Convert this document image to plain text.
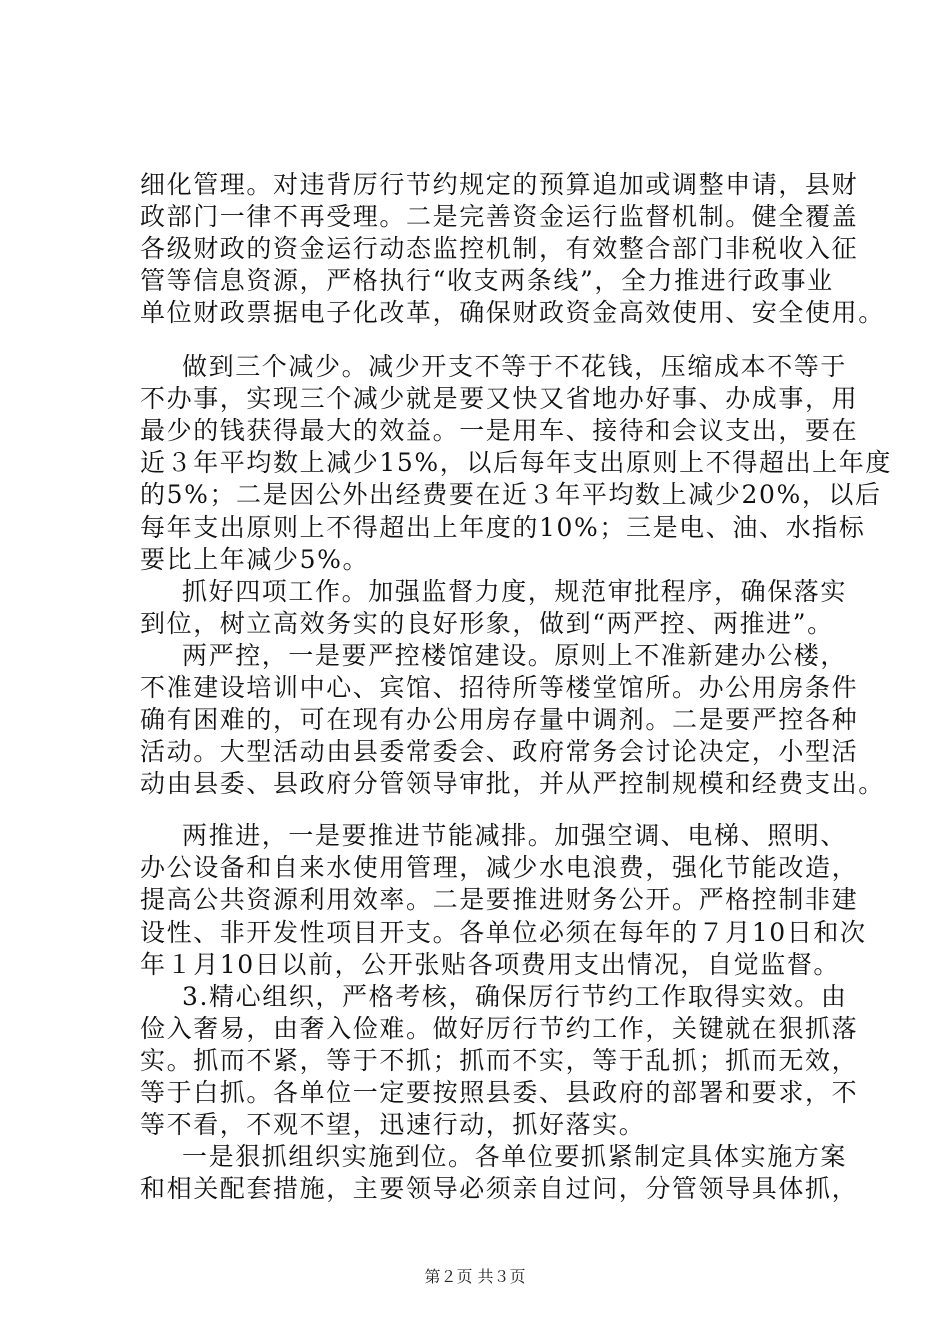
细化管理。对违背厉行节约规定的预算追加或调整申请，县财
政部门一律不再受理。二是完善资金运行监督机制。健全覆盖
各级财政的资金运行动态监控机制，有效整合部门非税收入征
管等信息资源，严格执行“收支两条线”，全力推进行政事业
单位财政票据电子化改革，确保财政资金高效使用、安全使用。
做到三个减少。减少开支不等于不花钱，压缩成本不等于
不办事，实现三个减少就是要又快又省地办好事、办成事，用
最少的钱获得最大的效益。一是用车、接待和会议支出，要在
近３年平均数上减少15%，以后每年支出原则上不得超出上年度
的5%；二是因公外出经费要在近３年平均数上减少20%，以后
每年支出原则上不得超出上年度的10%；三是电、油、水指标
要比上年减少5%。
抓好四项工作。加强监督力度，规范审批程序，确保落实
到位，树立高效务实的良好形象，做到“两严控、两推进”。
两严控，一是要严控楼馆建设。原则上不准新建办公楼，
不准建设培训中心、宾馆、招待所等楼堂馆所。办公用房条件
确有困难的，可在现有办公用房存量中调剂。二是要严控各种
活动。大型活动由县委常委会、政府常务会讨论决定，小型活
动由县委、县政府分管领导审批，并从严控制规模和经费支出。
两推进，一是要推进节能减排。加强空调、电梯、照明、
办公设备和自来水使用管理，减少水电浪费，强化节能改造，
提高公共资源利用效率。二是要推进财务公开。严格控制非建
设性、非开发性项目开支。各单位必须在每年的７月10日和次
年１月10日以前，公开张贴各项费用支出情况，自觉监督。
3.精心组织，严格考核，确保厉行节约工作取得实效。由
俭入奢易，由奢入俭难。做好厉行节约工作，关键就在狠抓落
实。抓而不紧，等于不抓；抓而不实，等于乱抓；抓而无效，
等于白抓。各单位一定要按照县委、县政府的部署和要求，不
等不看，不观不望，迅速行动，抓好落实。
一是狠抓组织实施到位。各单位要抓紧制定具体实施方案
和相关配套措施，主要领导必须亲自过问，分管领导具体抓，
第２页 共３页
